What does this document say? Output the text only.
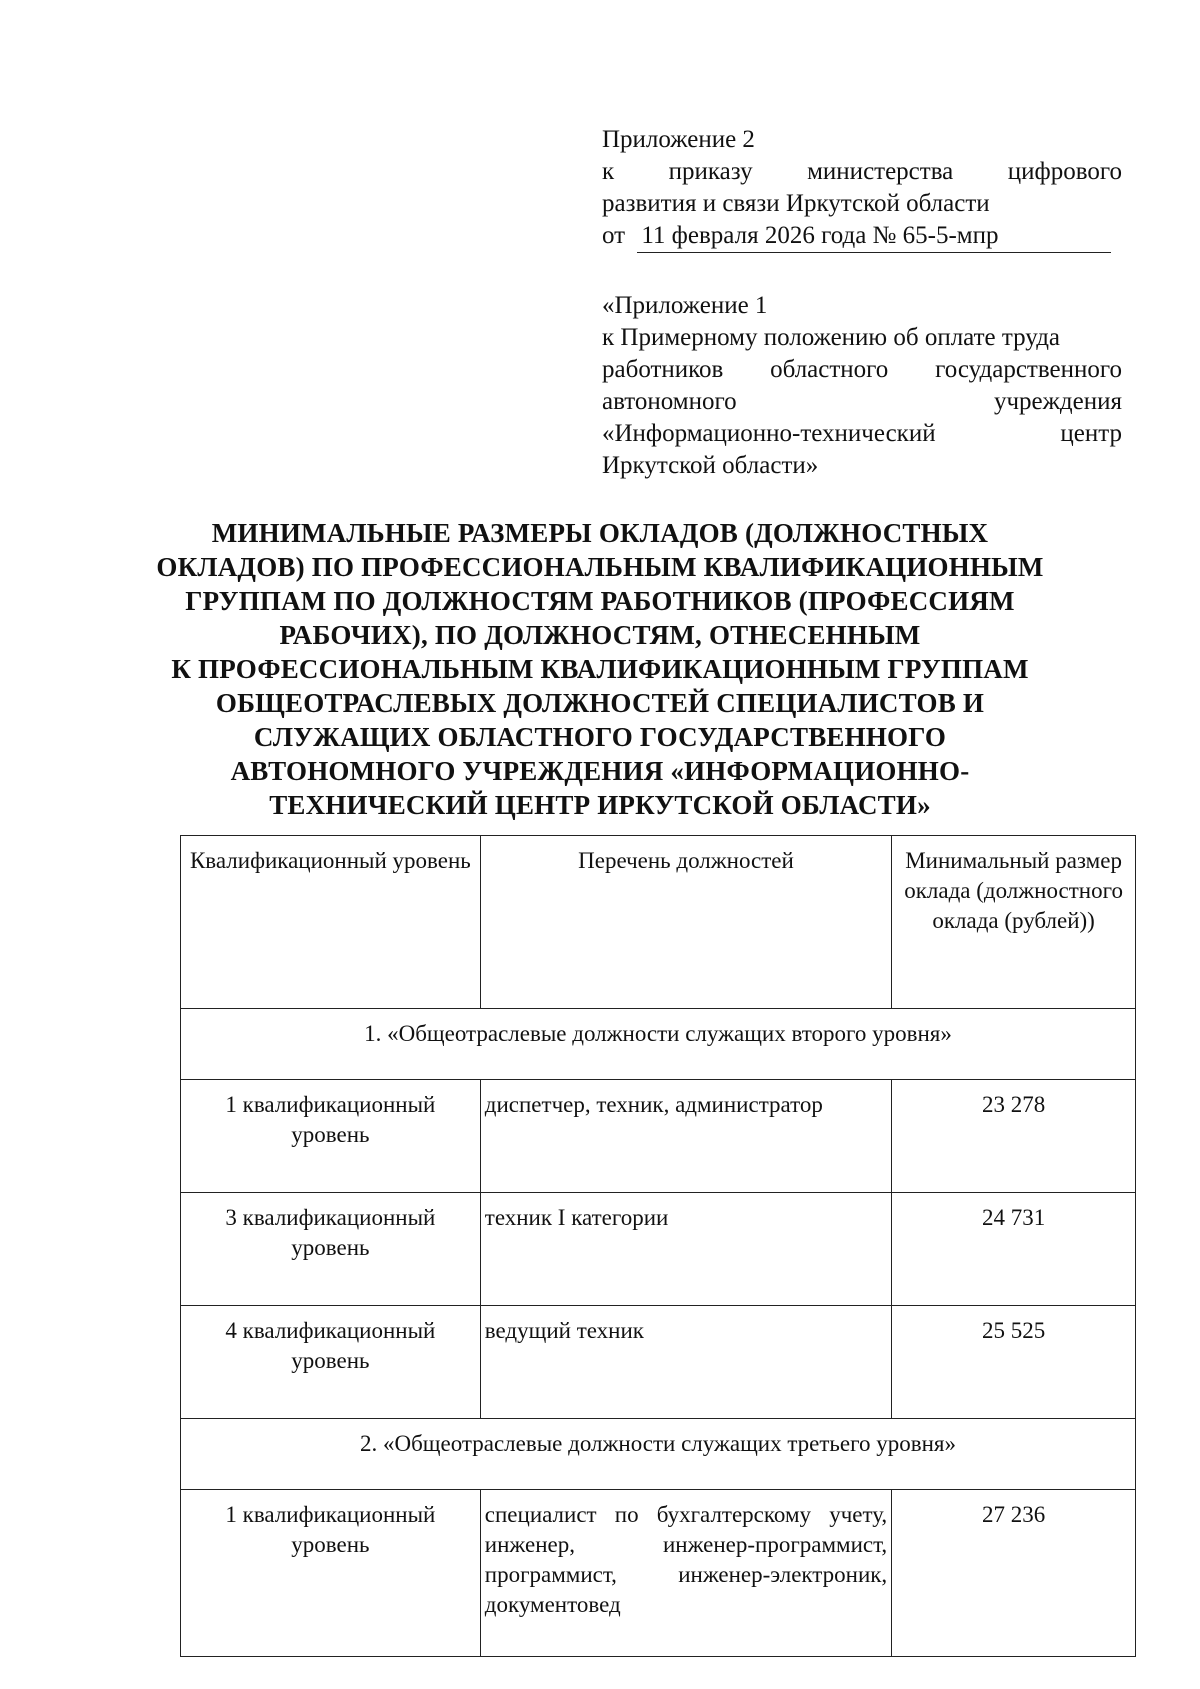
Приложение 2
к приказу министерства цифрового
развития и связи Иркутской области
от 11 февраля 2026 года № 65-5-мпр
«Приложение 1
к Примерному положению об оплате труда
работников областного государственного
автономного учреждения
«Информационно-технический центр
Иркутской области»
МИНИМАЛЬНЫЕ РАЗМЕРЫ ОКЛАДОВ (ДОЛЖНОСТНЫХ
ОКЛАДОВ) ПО ПРОФЕССИОНАЛЬНЫМ КВАЛИФИКАЦИОННЫМ
ГРУППАМ ПО ДОЛЖНОСТЯМ РАБОТНИКОВ (ПРОФЕССИЯМ
РАБОЧИХ), ПО ДОЛЖНОСТЯМ, ОТНЕСЕННЫМ
К ПРОФЕССИОНАЛЬНЫМ КВАЛИФИКАЦИОННЫМ ГРУППАМ
ОБЩЕОТРАСЛЕВЫХ ДОЛЖНОСТЕЙ СПЕЦИАЛИСТОВ И
СЛУЖАЩИХ ОБЛАСТНОГО ГОСУДАРСТВЕННОГО
АВТОНОМНОГО УЧРЕЖДЕНИЯ «ИНФОРМАЦИОННО-
ТЕХНИЧЕСКИЙ ЦЕНТР ИРКУТСКОЙ ОБЛАСТИ»
Квалификационный уровень	Перечень должностей	Минимальный размер оклада (должностного оклада (рублей))
1. «Общеотраслевые должности служащих второго уровня»		
1 квалификационный уровень	диспетчер, техник, администратор	23 278
3 квалификационный уровень	техник I категории	24 731
4 квалификационный уровень	ведущий техник	25 525
2. «Общеотраслевые должности служащих третьего уровня»		
1 квалификационный уровень	специалист по бухгалтерскому учету, инженер, инженер-программист, программист, инженер-электроник, документовед	27 236
